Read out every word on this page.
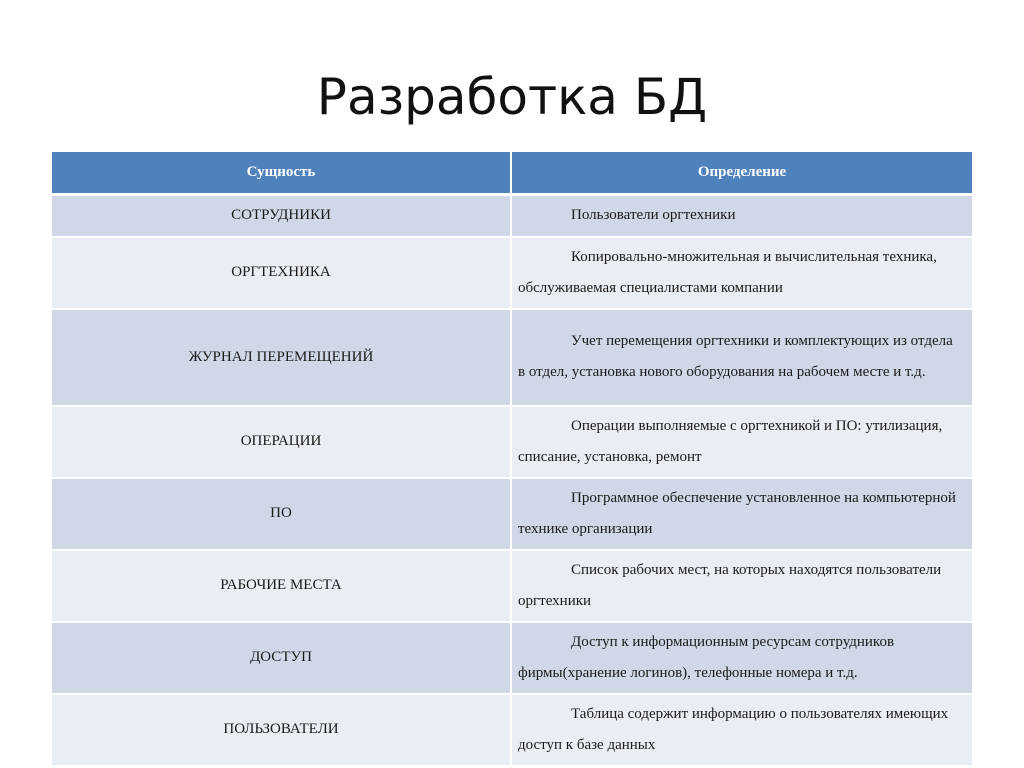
Разработка БД
Сущность	Определение
СОТРУДНИКИ	Пользователи оргтехники

ОРГТЕХНИКА	Копировально-множительная и вычислительная техника, обслуживаемая специалистами компании

ЖУРНАЛ ПЕРЕМЕЩЕНИЙ	Учет перемещения оргтехники и комплектующих из отдела в отдел, установка нового оборудования на рабочем месте и т.д.

ОПЕРАЦИИ	Операции выполняемые с оргтехникой и ПО: утилизация, списание, установка, ремонт

ПО	Программное обеспечение установленное на компьютерной технике организации

РАБОЧИЕ МЕСТА	Список рабочих мест, на которых находятся пользователи оргтехники

ДОСТУП	Доступ к информационным ресурсам сотрудников фирмы(хранение логинов), телефонные номера и т.д.

ПОЛЬЗОВАТЕЛИ	Таблица содержит информацию о пользователях имеющих доступ к базе данных
